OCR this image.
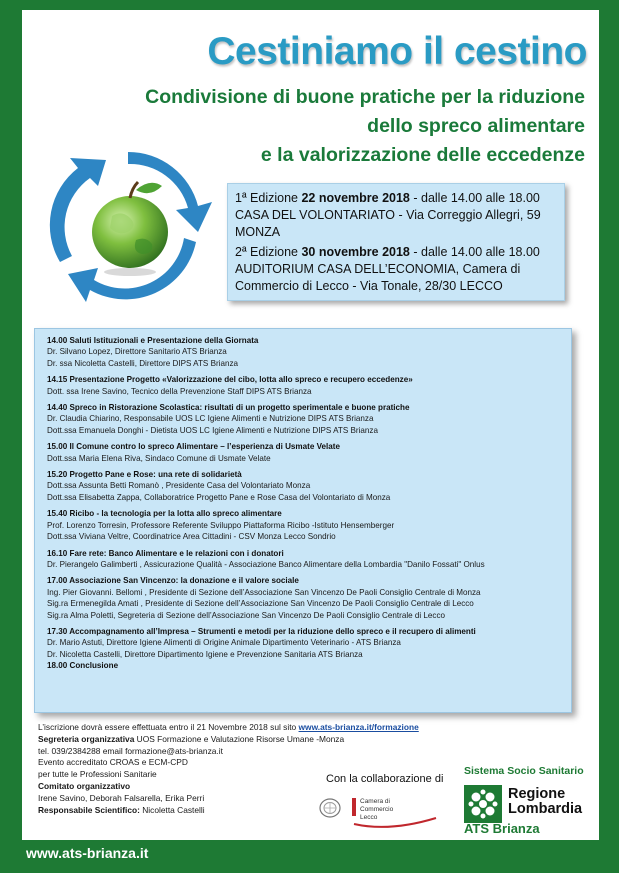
Cestiniamo il cestino
Condivisione di buone pratiche per la riduzione
dello spreco alimentare
e la valorizzazione delle eccedenze

1ª Edizione 22 novembre 2018 - dalle 14.00 alle 18.00
CASA DEL VOLONTARIATO - Via Correggio Allegri, 59 MONZA

2ª Edizione 30 novembre 2018 - dalle 14.00 alle 18.00
AUDITORIUM CASA DELL’ECONOMIA, Camera di Commercio di Lecco - Via Tonale, 28/30 LECCO

14.00 Saluti Istituzionali e Presentazione della Giornata
Dr. Silvano Lopez, Direttore Sanitario ATS Brianza
Dr. ssa Nicoletta Castelli, Direttore DIPS ATS Brianza
14.15 Presentazione Progetto «Valorizzazione del cibo, lotta allo spreco e recupero eccedenze»
Dott. ssa Irene Savino, Tecnico della Prevenzione Staff DIPS ATS Brianza
14.40 Spreco in Ristorazione Scolastica: risultati di un progetto sperimentale e buone pratiche
Dr. Claudia Chiarino, Responsabile UOS LC Igiene Alimenti e Nutrizione DIPS ATS Brianza
Dott.ssa Emanuela Donghi - Dietista UOS LC Igiene Alimenti e Nutrizione DIPS ATS Brianza
15.00 Il Comune contro lo spreco Alimentare – l’esperienza di Usmate Velate
Dott.ssa Maria Elena Riva, Sindaco Comune di Usmate Velate
15.20 Progetto Pane e Rose: una rete di solidarietà
Dott.ssa Assunta Betti Romanò , Presidente Casa del Volontariato Monza
Dott.ssa Elisabetta Zappa, Collaboratrice Progetto Pane e Rose Casa del Volontariato di Monza
15.40 Ricibo - la tecnologia per la lotta allo spreco alimentare
Prof. Lorenzo Torresin, Professore Referente Sviluppo Piattaforma Ricibo -Istituto Hensemberger
Dott.ssa Viviana Veltre, Coordinatrice Area Cittadini - CSV Monza Lecco Sondrio
16.10 Fare rete: Banco Alimentare e le relazioni con i donatori
Dr. Pierangelo Galimberti , Assicurazione Qualità - Associazione Banco Alimentare della Lombardia "Danilo Fossati" Onlus
17.00 Associazione San Vincenzo: la donazione e il valore sociale
Ing. Pier Giovanni. Bellomi , Presidente di Sezione dell’Associazione San Vincenzo De Paoli Consiglio Centrale di Monza
Sig.ra Ermenegilda Amati , Presidente di Sezione dell’Associazione San Vincenzo De Paoli Consiglio Centrale di Lecco
Sig.ra Alma Poletti, Segreteria di Sezione dell’Associazione San Vincenzo De Paoli Consiglio Centrale di Lecco
17.30 Accompagnamento all’Impresa – Strumenti e metodi per la riduzione dello spreco e il recupero di alimenti
Dr. Mario Astuti, Direttore Igiene Alimenti di Origine Animale Dipartimento Veterinario - ATS Brianza
Dr. Nicoletta Castelli, Direttore Dipartimento Igiene e Prevenzione Sanitaria ATS Brianza
18.00 Conclusione
L’iscrizione dovrà essere effettuata entro il 21 Novembre 2018 sul sito www.ats-brianza.it/formazione
Segreteria organizzativa UOS Formazione e Valutazione Risorse Umane -Monza
tel. 039/2384288 email formazione@ats-brianza.it
Evento accreditato CROAS e ECM-CPD
per tutte le Professioni Sanitarie
Comitato organizzativo
Irene Savino, Deborah Falsarella, Erika Perri
Responsabile Scientifico: Nicoletta Castelli
Con la collaborazione di
Camera di Commercio Lecco
Sistema Socio Sanitario
Regione
Lombardia
ATS Brianza
www.ats-brianza.it
